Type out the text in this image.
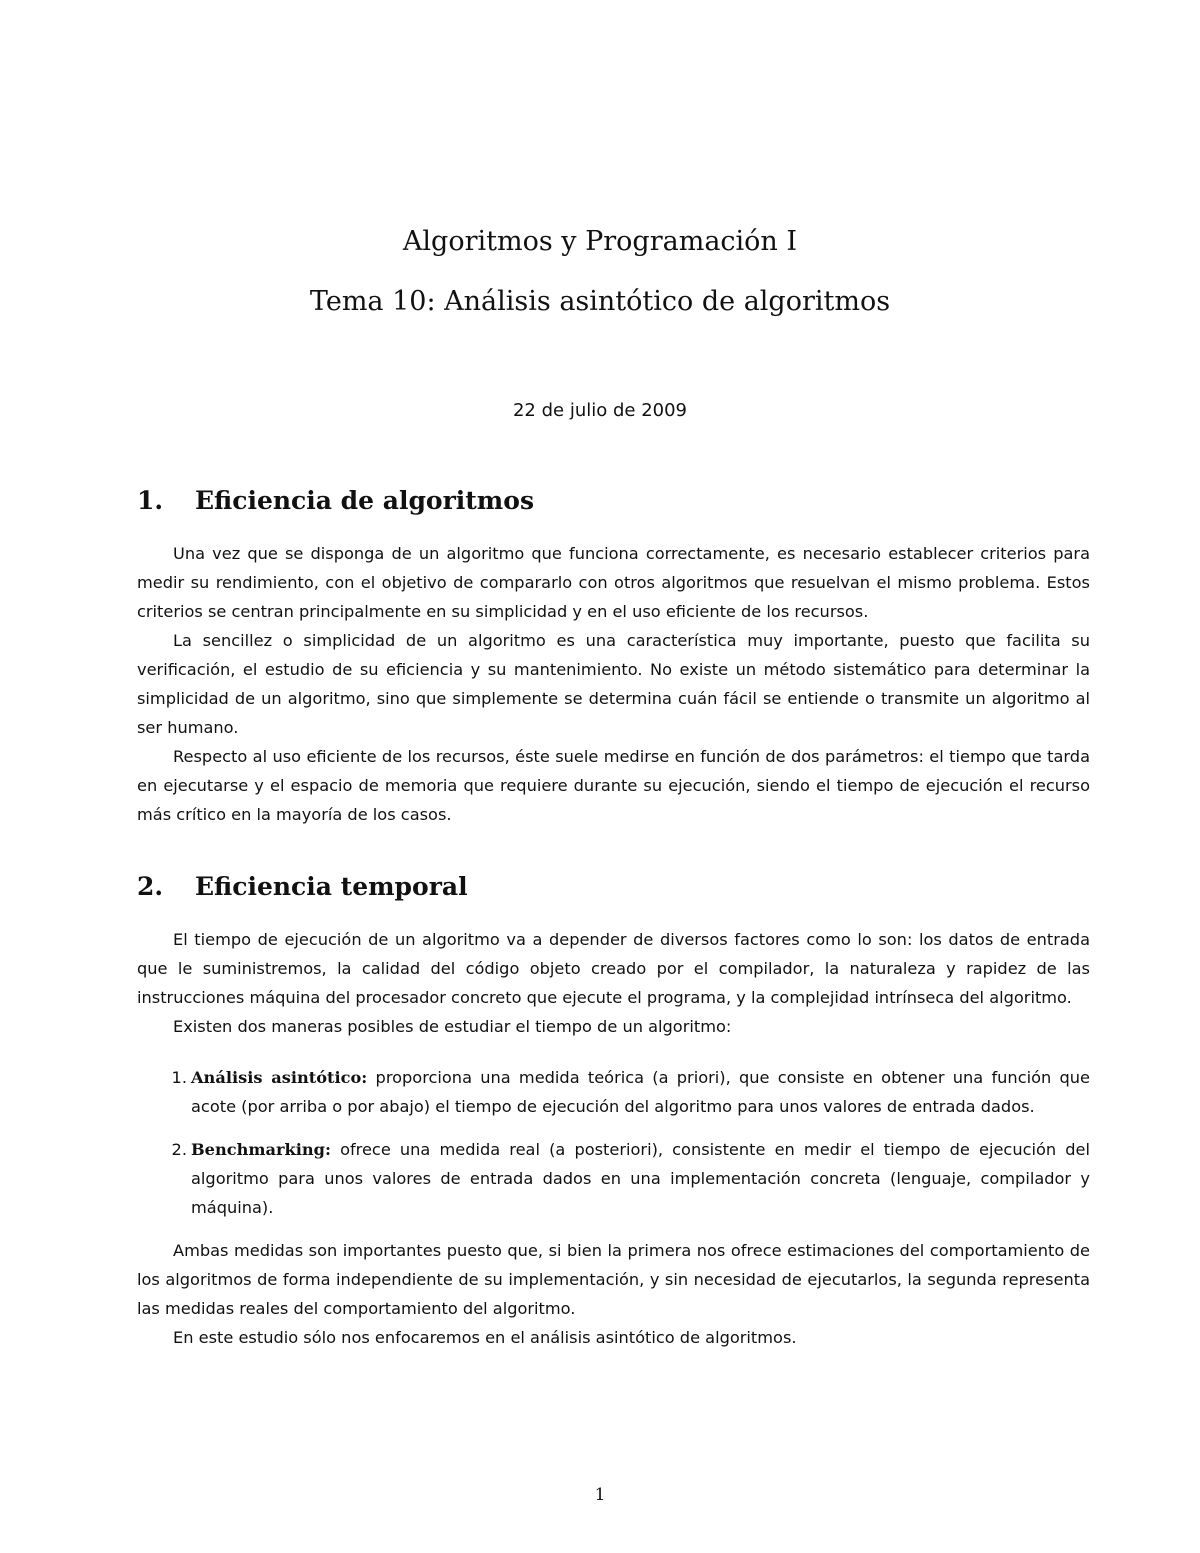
Algoritmos y Programación I
Tema 10: Análisis asintótico de algoritmos
22 de julio de 2009
1.	Eficiencia de algoritmos

Una vez que se disponga de un algoritmo que funciona correctamente, es necesario establecer criterios para medir su rendimiento, con el objetivo de compararlo con otros algoritmos que resuelvan el mismo problema. Estos criterios se centran principalmente en su simplicidad y en el uso eficiente de los recursos.

La sencillez o simplicidad de un algoritmo es una característica muy importante, puesto que facilita su verificación, el estudio de su eficiencia y su mantenimiento. No existe un método sistemático para determinar la simplicidad de un algoritmo, sino que simplemente se determina cuán fácil se entiende o transmite un algoritmo al ser humano.

Respecto al uso eficiente de los recursos, éste suele medirse en función de dos parámetros: el tiempo que tarda en ejecutarse y el espacio de memoria que requiere durante su ejecución, siendo el tiempo de ejecución el recurso más crítico en la mayoría de los casos.

2.	Eficiencia temporal

El tiempo de ejecución de un algoritmo va a depender de diversos factores como lo son: los datos de entrada que le suministremos, la calidad del código objeto creado por el compilador, la naturaleza y rapidez de las instrucciones máquina del procesador concreto que ejecute el programa, y la complejidad intrínseca del algoritmo.

Existen dos maneras posibles de estudiar el tiempo de un algoritmo:

1. Análisis asintótico: proporciona una medida teórica (a priori), que consiste en obtener una función que acote (por arriba o por abajo) el tiempo de ejecución del algoritmo para unos valores de entrada dados.
2. Benchmarking: ofrece una medida real (a posteriori), consistente en medir el tiempo de ejecución del algoritmo para unos valores de entrada dados en una implementación concreta (lenguaje, compilador y máquina).

Ambas medidas son importantes puesto que, si bien la primera nos ofrece estimaciones del comportamiento de los algoritmos de forma independiente de su implementación, y sin necesidad de ejecutarlos, la segunda representa las medidas reales del comportamiento del algoritmo.

En este estudio sólo nos enfocaremos en el análisis asintótico de algoritmos.

1
